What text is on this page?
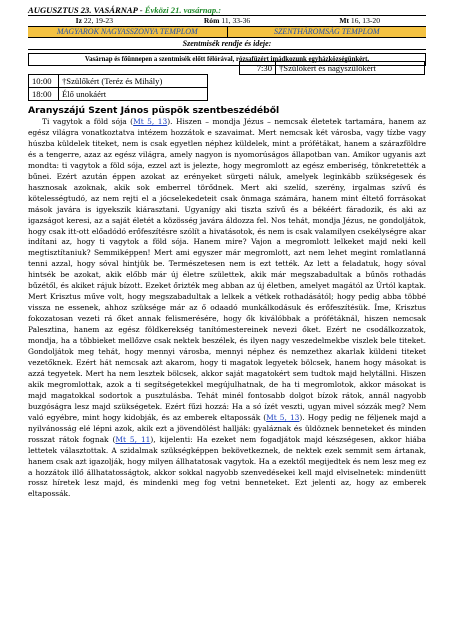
AUGUSZTUS 23. VASÁRNAP - Évközi 21. vasárnap.:
Iz 22, 19-23	Róm 11, 33-36	Mt 16, 13-20
MAGYAROK NAGYASSZONYA TEMPLOM	SZENTHÁROMSÁG TEMPLOM
Szentmisék rendje és ideje:
Vasárnap és főünnepen a szentmisék előtt félórával, rózsafüzért imádkozunk egyházközségünkért.
7:30 †Szülőkért és nagyszülőkért
10:00	†Szülőkért (Teréz és Mihály)
18:00	Élő unokáért
Aranyszájú Szent János püspök szentbeszédéből

Ti vagytok a föld sója (Mt 5, 13). Hiszen – mondja Jézus – nemcsak életetek tartamára, hanem az egész világra vonatkoztatva intézem hozzátok e szavaimat. Mert nemcsak két városba, vagy tízbe vagy húszba küldelek titeket, nem is csak egyetlen néphez küldelek, mint a prófétákat, hanem a szárazföldre és a tengerre, azaz az egész világra, amely nagyon is nyomorúságos állapotban van. Amikor ugyanis azt mondta: ti vagytok a föld sója, ezzel azt is jelezte, hogy megromlott az egész emberiség, tönkretették a bűnei. Ezért azután éppen azokat az erényeket sürgeti náluk, amelyek leginkább szükségesek és hasznosak azoknak, akik sok emberrel törődnek. Mert aki szelíd, szerény, irgalmas szívű és kötelességtudó, az nem rejti el a jócselekedeteit csak önmaga számára, hanem mint éltető forrásokat mások javára is igyekszik kiárasztani. Ugyanígy aki tiszta szívű és a békéért fáradozik, és aki az igazságot keresi, az a saját életét a közösség javára áldozza fel. Nos tehát, mondja Jézus, ne gondoljátok, hogy csak itt-ott előadódó erőfeszítésre szólít a hivatásotok, és nem is csak valamilyen csekélységre akar indítani az, hogy ti vagytok a föld sója. Hanem mire? Vajon a megromlott lelkeket majd neki kell megtisztítaniuk? Semmiképpen! Mert ami egyszer már megromlott, azt nem lehet megint romlatlanná tenni azzal, hogy sóval hintjük be. Természetesen nem is ezt tették. Az lett a feladatuk, hogy sóval hintsék be azokat, akik előbb már új életre születtek, akik már megszabadultak a bűnös rothadás bűzétől, és akiket rájuk bízott. Ezeket őrizték meg abban az új életben, amelyet magától az Úrtól kaptak. Mert Krisztus műve volt, hogy megszabadultak a lelkek a vétkek rothadásától; hogy pedig abba többé vissza ne essenek, ahhoz szüksége már az ő odaadó munkálkodásuk és erőfeszítésük. Íme, Krisztus fokozatosan vezeti rá őket annak felismerésére, hogy ők kiválóbbak a prófétáknál, hiszen nemcsak Palesztina, hanem az egész földkerekség tanítómestereinek nevezi őket. Ezért ne csodálkozzatok, mondja, ha a többieket mellőzve csak nektek beszélek, és ilyen nagy veszedelmekbe viszlek bele titeket. Gondoljátok meg tehát, hogy mennyi városba, mennyi néphez és nemzethez akarlak küldeni titeket vezetőknek. Ezért hát nemcsak azt akarom, hogy ti magatok legyetek bölcsek, hanem hogy másokat is azzá tegyetek. Mert ha nem lesztek bölcsek, akkor saját magatokért sem tudtok majd helytállni. Hiszen akik megromlottak, azok a ti segítségetekkel megújulhatnak, de ha ti megromlotok, akkor másokat is majd magatokkal sodortok a pusztulásba. Tehát minél fontosabb dolgot bízok rátok, annál nagyobb buzgóságra lesz majd szükségetek. Ezért fűzi hozzá: Ha a só ízét veszti, ugyan mivel sózzák meg? Nem való egyébre, mint hogy kidobják, és az emberek eltapossák (Mt 5, 13). Hogy pedig ne féljenek majd a nyilvánosság elé lépni azok, akik ezt a jövendölést hallják: gyaláznak és üldöznek benneteket és minden rosszat rátok fognak (Mt 5, 11), kijelenti: Ha ezeket nem fogadjátok majd készségesen, akkor hiába lettetek választottak. A szidalmak szükségképpen bekövetkeznek, de nektek ezek semmit sem ártanak, hanem csak azt igazolják, hogy milyen állhatatosak vagytok. Ha a ezektől megijedtek és nem lesz meg ez a hozzátok illő állhatatosságtok, akkor sokkal nagyobb szenvedésekei kell majd elviselnetek: mindenütt rossz híretek lesz majd, és mindenki meg fog vetni benneteket. Ezt jelenti az, hogy az emberek eltapossák.
